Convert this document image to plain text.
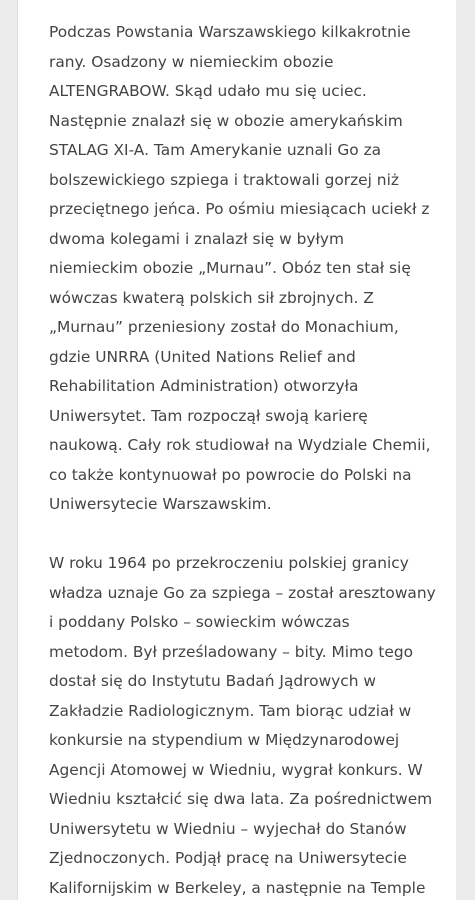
Podczas Powstania Warszawskiego kilkakrotnie
rany. Osadzony w niemieckim obozie
ALTENGRABOW. Skąd udało mu się uciec.
Następnie znalazł się w obozie amerykańskim
STALAG XI-A. Tam Amerykanie uznali Go za
bolszewickiego szpiega i traktowali gorzej niż
przeciętnego jeńca. Po ośmiu miesiącach uciekł z
dwoma kolegami i znalazł się w byłym
niemieckim obozie „Murnau”. Obóz ten stał się
wówczas kwaterą polskich sił zbrojnych. Z
„Murnau” przeniesiony został do Monachium,
gdzie UNRRA (United Nations Relief and
Rehabilitation Administration) otworzyła
Uniwersytet. Tam rozpoczął swoją karierę
naukową. Cały rok studiował na Wydziale Chemii,
co także kontynuował po powrocie do Polski na
Uniwersytecie Warszawskim.

W roku 1964 po przekroczeniu polskiej granicy
władza uznaje Go za szpiega – został aresztowany
i poddany Polsko – sowieckim wówczas
metodom. Był prześladowany – bity. Mimo tego
dostał się do Instytutu Badań Jądrowych w
Zakładzie Radiologicznym. Tam biorąc udział w
konkursie na stypendium w Międzynarodowej
Agencji Atomowej w Wiedniu, wygrał konkurs. W
Wiedniu kształcić się dwa lata. Za pośrednictwem
Uniwersytetu w Wiedniu – wyjechał do Stanów
Zjednoczonych. Podjął pracę na Uniwersytecie
Kalifornijskim w Berkeley, a następnie na Temple
